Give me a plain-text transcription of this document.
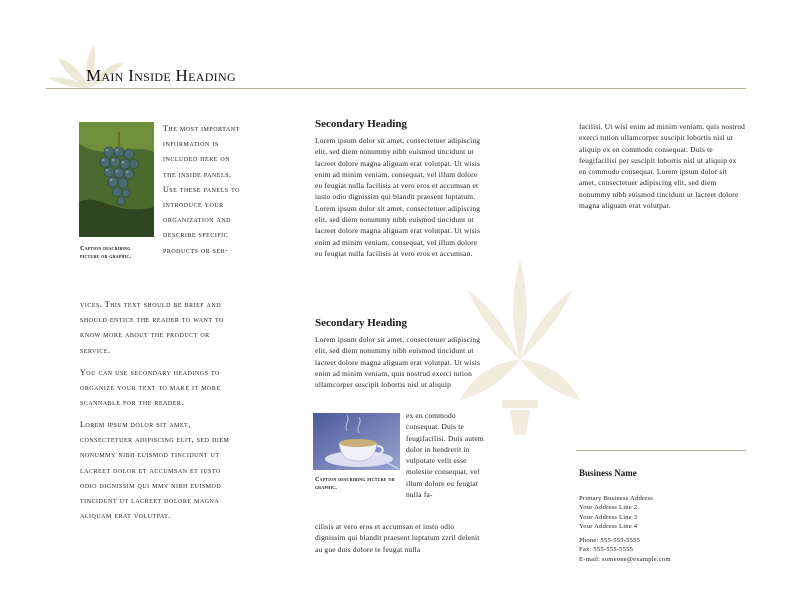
Main Inside Heading
Caption describing picture or graphic.
The most important information is included here on the inside panels. Use these panels to introduce your organization and describe specific products or ser-
vices. This text should be brief and should entice the reader to want to know more about the product or service.
You can use secondary headings to organize your text to make it more scannable for the reader.
Lorem ipsum dolor sit amet, consectetuer adipiscing elit, sed diem nonummy nibh euismod tincidunt ut lacreet dolor et accumsan et iusto odio dignissim qui mmy nibh euismod tincidunt ut lacreet dolore magna aliquam erat volutpat.
Secondary Heading
Lorem ipsum dolor sit amet, consectetuer adipiscing elit, sed diem nonummy nibh euismod tincidunt ut lacreet dolore magna aliguam erat volutpat. Ut wisis enim ad minim veniam, consequat, vel illum dolore eu feugiat nulla facilisis at vero eros et accumsan et iusto odio dignissim qui blandit praesent luptatum. Lorem ipsum dolor sit amet, consectetuer adipiscing elit, sed diem nonummy nibh euismod tincidunt ut lacreet dolore magna aliguam erat volutpat. Ut wisis enim ad minim veniam, consequat, vel illum dolore eu feugiat nulla facilisis at vero eros et accumsan.
Secondary Heading
Lorem ipsum dolor sit amet, consectetuer adipiscing elit, sed diem nonummy nibh euismod tincidunt ut lacreet dolore magna aliguam erat volutpat. Ut wisis enim ad minim veniam, quis nostrud exerci tution ullamcorper suscipit lobortis nisl ut aliquip
Caption describing picture or graphic.
ex en commodo consequat. Duis te feugifacilisi. Duis autem dolor in hendrerit in vulputate velit esse molestie consequat, vel illum dolore eu feugiat nulla fa-
cilisis at vero eros et accumsan et iusto odio dignissim qui blandit praesent luptatum zzril delenit au gue duis dolore te feugat nulla
facilisi. Ut wisi enim ad minim veniam, quis nostrud exerci tution ullamcorper suscipit lobortis nisl ut aliquip ex en commodo consequat. Duis te feugifacilisi per suscipit lobortis nisl ut aliquip ex en commodo consequat. Lorem ipsum dolor sit amet, consectetuer adipiscing elit, sed diem nonummy nibh euismod tincidunt ut lacreet dolore magna aliguam erat volutpat.
Business Name
Primary Business Address
Your Address Line 2
Your Address Line 3
Your Address Line 4
Phone: 555-555-5555
Fax: 555-555-5555
E-mail: someone@example.com
